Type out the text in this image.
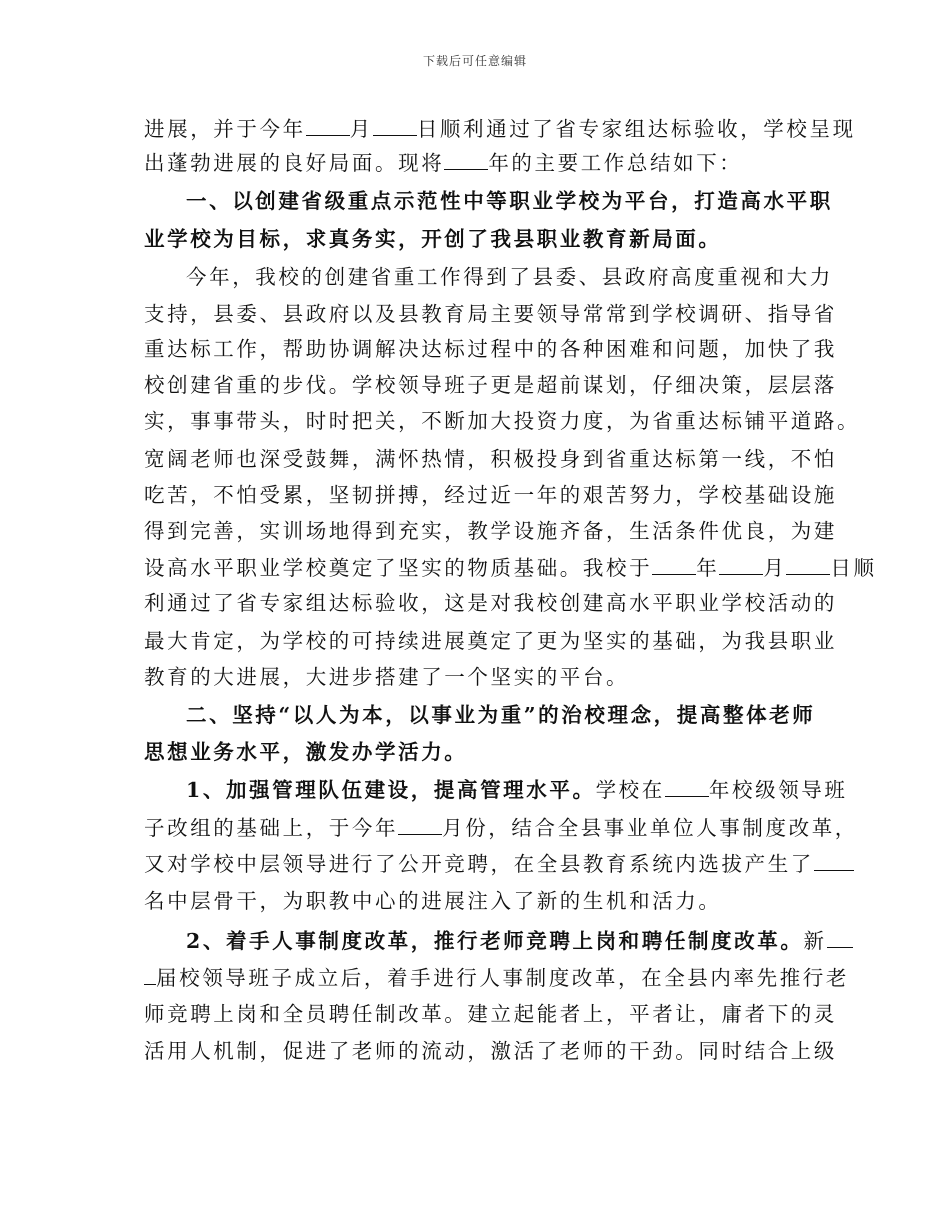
下载后可任意编辑
进展，并于今年 月 日顺利通过了省专家组达标验收，学校呈现
出蓬勃进展的良好局面。现将 年的主要工作总结如下：
一、以创建省级重点示范性中等职业学校为平台，打造高水平职
业学校为目标，求真务实，开创了我县职业教育新局面。
今年，我校的创建省重工作得到了县委、县政府高度重视和大力
支持，县委、县政府以及县教育局主要领导常常到学校调研、指导省
重达标工作，帮助协调解决达标过程中的各种困难和问题，加快了我
校创建省重的步伐。学校领导班子更是超前谋划，仔细决策，层层落
实，事事带头，时时把关，不断加大投资力度，为省重达标铺平道路。
宽阔老师也深受鼓舞，满怀热情，积极投身到省重达标第一线，不怕
吃苦，不怕受累，坚韧拼搏，经过近一年的艰苦努力，学校基础设施
得到完善，实训场地得到充实，教学设施齐备，生活条件优良，为建
设高水平职业学校奠定了坚实的物质基础。我校于 年 月 日顺
利通过了省专家组达标验收，这是对我校创建高水平职业学校活动的
最大肯定，为学校的可持续进展奠定了更为坚实的基础，为我县职业
教育的大进展，大进步搭建了一个坚实的平台。
二、坚持“以人为本，以事业为重”的治校理念，提高整体老师
思想业务水平，激发办学活力。
1、加强管理队伍建设，提高管理水平。学校在 年校级领导班
子改组的基础上，于今年 月份，结合全县事业单位人事制度改革，
又对学校中层领导进行了公开竞聘，在全县教育系统内选拔产生了
名中层骨干，为职教中心的进展注入了新的生机和活力。
2、着手人事制度改革，推行老师竞聘上岗和聘任制度改革。新
届校领导班子成立后，着手进行人事制度改革，在全县内率先推行老
师竞聘上岗和全员聘任制改革。建立起能者上，平者让，庸者下的灵
活用人机制，促进了老师的流动，激活了老师的干劲。同时结合上级
